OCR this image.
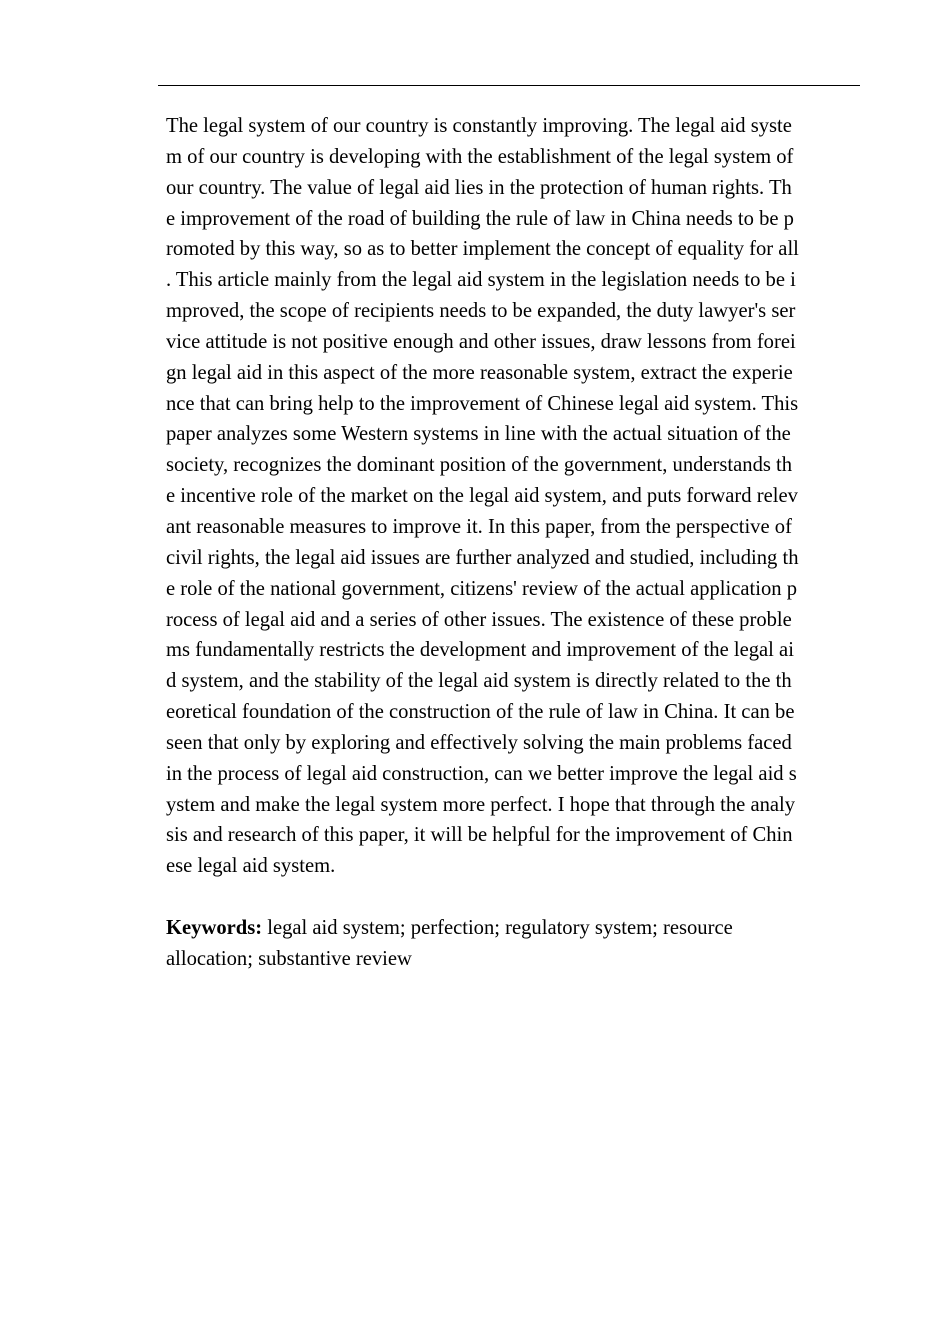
The legal system of our country is constantly improving. The legal aid syste
m of our country is developing with the establishment of the legal system of
our country. The value of legal aid lies in the protection of human rights. Th
e improvement of the road of building the rule of law in China needs to be p
romoted by this way, so as to better implement the concept of equality for all
. This article mainly from the legal aid system in the legislation needs to be i
mproved, the scope of recipients needs to be expanded, the duty lawyer's ser
vice attitude is not positive enough and other issues, draw lessons from forei
gn legal aid in this aspect of the more reasonable system, extract the experie
nce that can bring help to the improvement of Chinese legal aid system. This
paper analyzes some Western systems in line with the actual situation of the
society, recognizes the dominant position of the government, understands th
e incentive role of the market on the legal aid system, and puts forward relev
ant reasonable measures to improve it. In this paper, from the perspective of
civil rights, the legal aid issues are further analyzed and studied, including th
e role of the national government, citizens' review of the actual application p
rocess of legal aid and a series of other issues. The existence of these proble
ms fundamentally restricts the development and improvement of the legal ai
d system, and the stability of the legal aid system is directly related to the th
eoretical foundation of the construction of the rule of law in China. It can be
seen that only by exploring and effectively solving the main problems faced
in the process of legal aid construction, can we better improve the legal aid s
ystem and make the legal system more perfect. I hope that through the analy
sis and research of this paper, it will be helpful for the improvement of Chin
ese legal aid system.
Keywords: legal aid system; perfection; regulatory system; resource
allocation; substantive review
